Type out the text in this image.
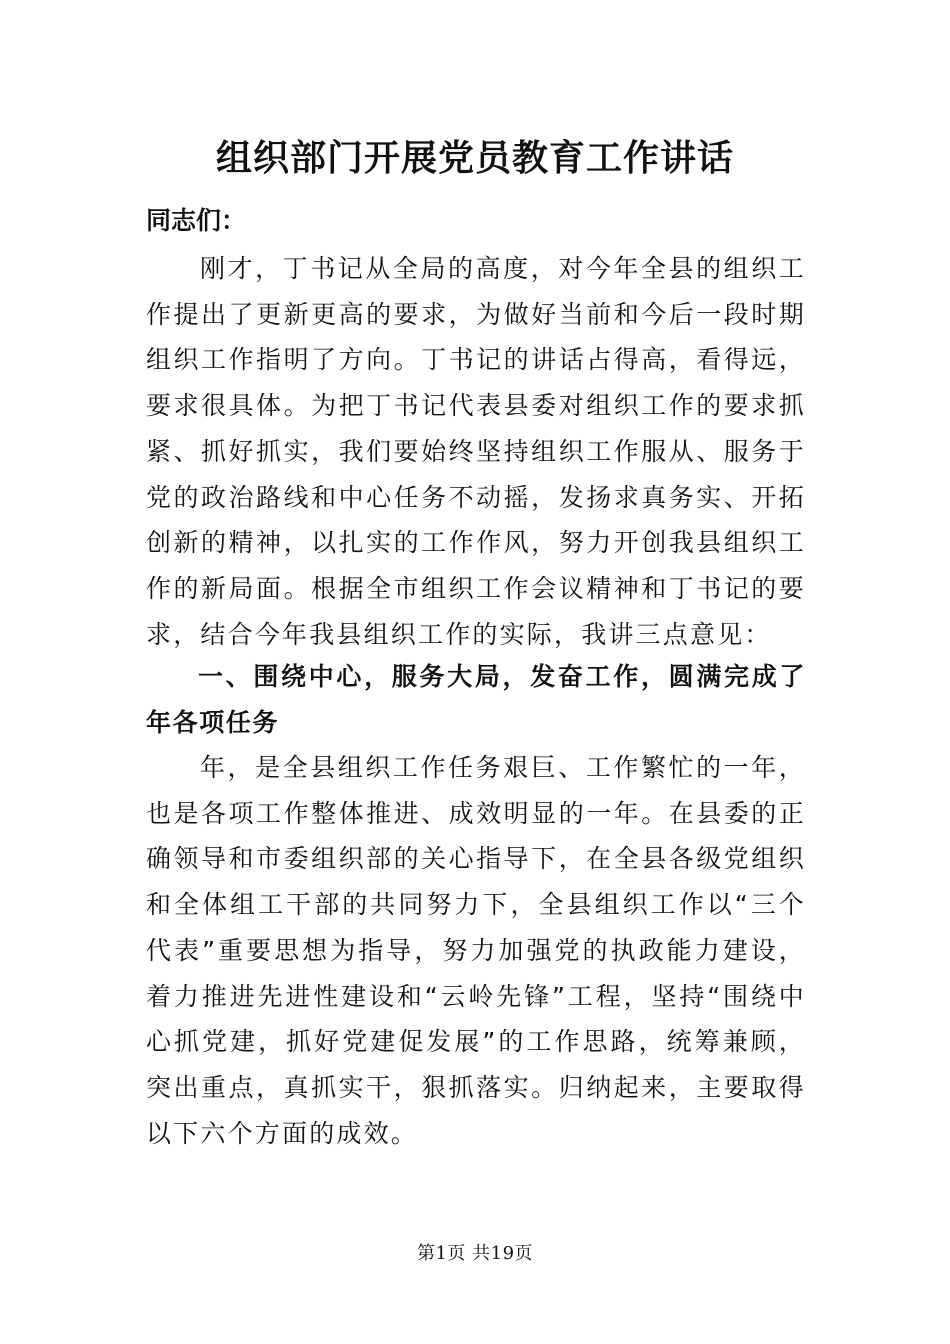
组织部门开展党员教育工作讲话
同志们：
刚才，丁书记从全局的高度，对今年全县的组织工作提出了更新更高的要求，为做好当前和今后一段时期组织工作指明了方向。丁书记的讲话占得高，看得远，要求很具体。为把丁书记代表县委对组织工作的要求抓紧、抓好抓实，我们要始终坚持组织工作服从、服务于党的政治路线和中心任务不动摇，发扬求真务实、开拓创新的精神，以扎实的工作作风，努力开创我县组织工作的新局面。根据全市组织工作会议精神和丁书记的要求，结合今年我县组织工作的实际，我讲三点意见：
一、围绕中心，服务大局，发奋工作，圆满完成了年各项任务
年，是全县组织工作任务艰巨、工作繁忙的一年，也是各项工作整体推进、成效明显的一年。在县委的正确领导和市委组织部的关心指导下，在全县各级党组织和全体组工干部的共同努力下，全县组织工作以“三个代表”重要思想为指导，努力加强党的执政能力建设，着力推进先进性建设和“云岭先锋”工程，坚持“围绕中心抓党建，抓好党建促发展”的工作思路，统筹兼顾，突出重点，真抓实干，狠抓落实。归纳起来，主要取得以下六个方面的成效。
第1页 共19页
